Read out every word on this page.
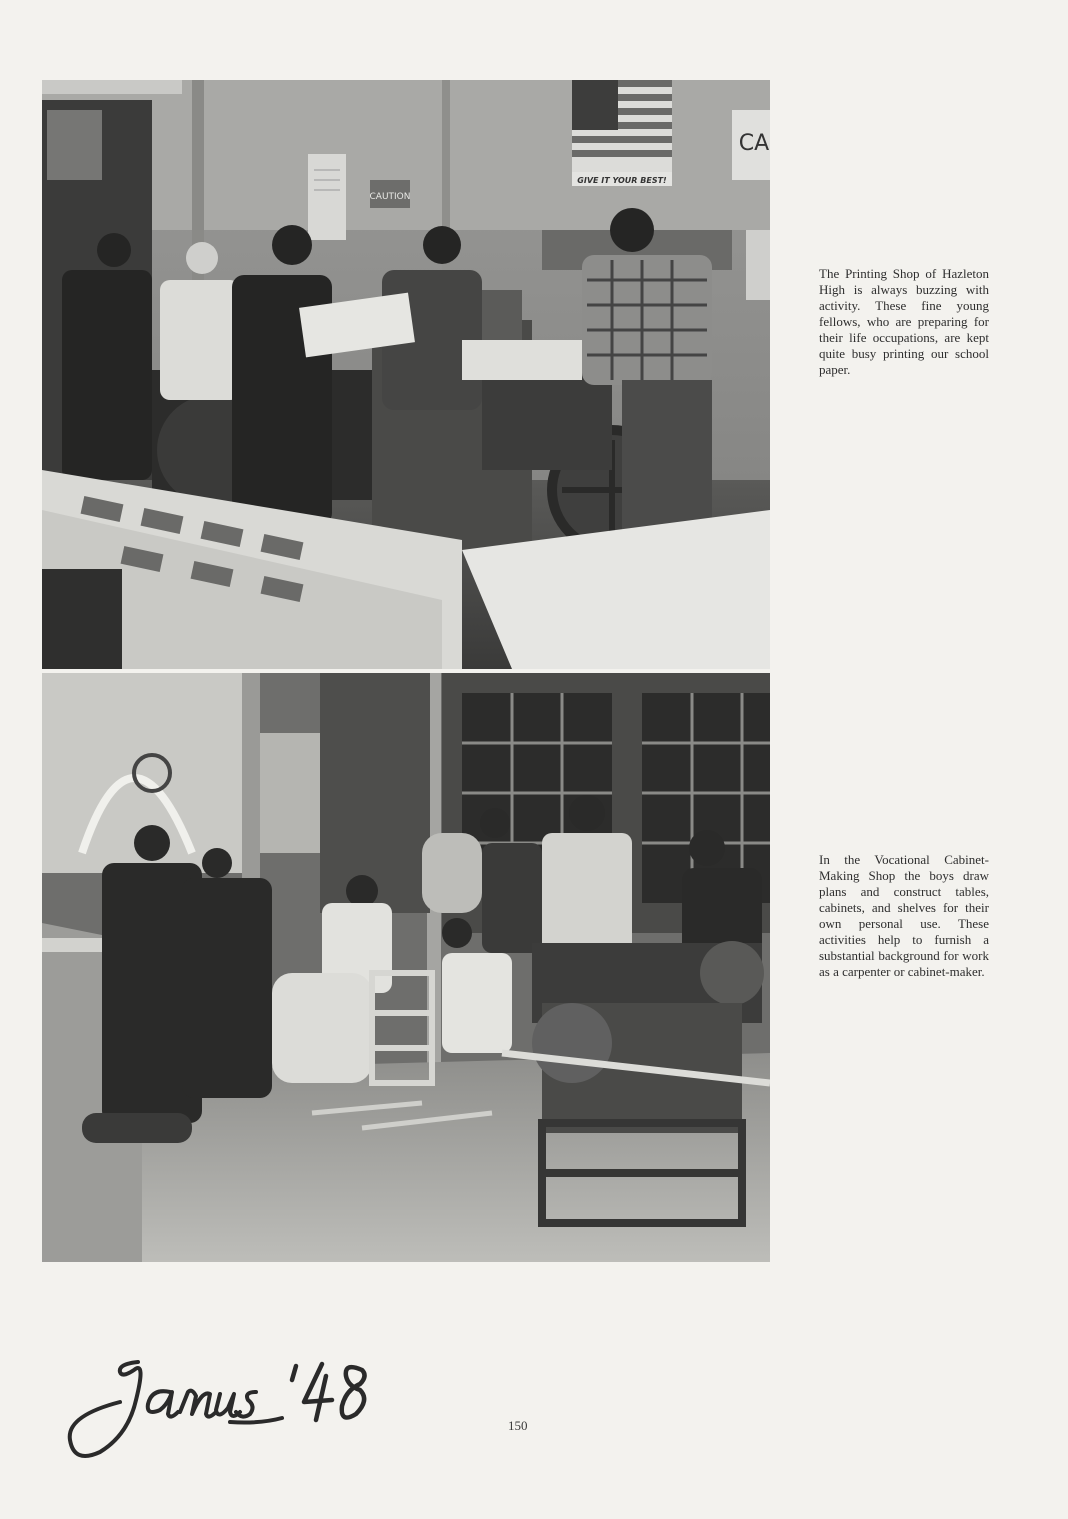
GIVE IT YOUR BEST!
CAUTION
CA
The Printing Shop of Hazleton High is always buzzing with activity. These fine young fellows, who are preparing for their life occupations, are kept quite busy printing our school paper.
In the Vocational Cabinet-Making Shop the boys draw plans and construct tables, cabinets, and shelves for their own personal use. These activities help to furnish a substantial background for work as a carpenter or cabinet-maker.
150
